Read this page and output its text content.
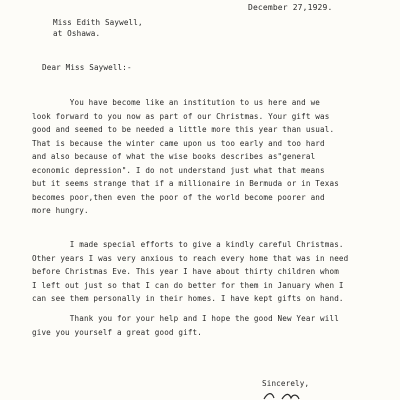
December 27,1929.
Miss Edith Saywell,
at Oshawa.
Dear Miss Saywell:-
You have become like an institution to us here and we
look forward to you now as part of our Christmas. Your gift was
good and seemed to be needed a little more this year than usual.
That is because the winter came upon us too early and too hard
and also because of what the wise books describes as"general
economic depression". I do not understand just what that means
but it seems strange that if a millionaire in Bermuda or in Texas
becomes poor,then even the poor of the world become poorer and
more hungry.
I made special efforts to give a kindly careful Christmas.
Other years I was very anxious to reach every home that was in need
before Christmas Eve. This year I have about thirty children whom
I left out just so that I can do better for them in January when I
can see them personally in their homes. I have kept gifts on hand.
Thank you for your help and I hope the good New Year will
give you yourself a great good gift.
Sincerely,
